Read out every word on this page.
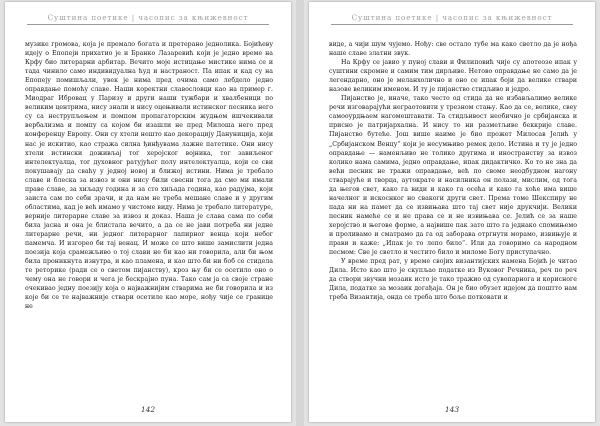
Суштина поетике | часопис за књижевност

музике громова, која је премало богата и претерано једнолика. Бојићеву идеју о Епопеји прихатио је и Бранко Лазаревић који је једно време на Крфу био литерарни арбитар. Вечито моје истицање мистике нима се и тада чинило само индивидуална ћуд и настраност. Па ипак и кад су на Епопеју помишљали, увек је нима пред очима само лебдело једно оправдање помоћу славе. Наши коректни славословци као на пример г. Миодраг Ибровац у Паризу и други наши тужбари и хвалбеници по великим центрима, нису знали и нису оцењивали истинског песника него су са неструпљењем и помпом пропагаторским жудњом ишчекивали вербализма и помпу са којом би изашли не пред Милоша него пред конференцу Европу. Они су хтели нешто као декорацију Дануниција, који нас је искитио, као стража силна ђинђувама лажне патетике. Они нису хтели истински доживљај тог херојског војника, тог завиљеног интелектуалца, тог духовног ратујућег полу интелектуалца, који се сви покушавају да сваћу у једној новој и ближој истини. Нима је требало славе и блеска за извоз и они нису били свесни тога да смо ми имали праве славе, за хиљаду година и за сто хиљада година, као радујма, који заиста сам по себи зрачи, и да нам не треба мешане славе и у другим областима, кад је већ имамо у чистоме виду. Нима је требало литературе, верније литерарне славе за извоз и доказ. Наша је слава сама по себи била јасна и она је блистала вечито, а да се не јави потреба ни једне литерарне речи, ни једног литерарног лапирног венца који небог памемча. И изгорео би тај венац. И може се што више замислити једна поезија која срамежљиво о тој слави не би као ни говорила, али би њом била проникнута изнутра, и као пламена, и као што би ни боб се стидела те реторике (ради се о светом пијанству), кроз њу би се осетило оно о чему она не говори и чега је бескрајно пуна. Тако сам ја са своје стране очекивао једну поезију која о најважнијим стварима не би говорила и из које би се те најважније ствари осетиле као море, нођу чије се границе не

142
Суштина поетике | часопис за књижевност

виде, а чији шум чујемо. Нођу: све остало тубе ма како светло да је нођа наше славе златни звук.

На Крфу се јавио у пуној слави и Филиповић чије су апотеозе ипак у суштини скромне и самим тим дирљиве. Нетово оправдање не само да је легендарно, оно је меланхолично и оно се ипак боји да велике ствари назове великим именом. И ту је пијанство стидљиво и једро.

Пијанство је, иначе, тако често од стида да не избављалимо велике речи изговарајући неграотовити у трезном стању. Као да се, велике, свеу самооурдњаем нагомештавати. Та стидљивост необично је србијанска и присно је патријархална. И нису то ни разметљиве беккрије славе. Пијанство бутеће. Још више наиме је био прожет Милосав Јелић у „Србијанском Венцу“ који је несумњиво ремек дело. Истина и ту је једно оправдање — наменљиво не толико другима и иностранству за извоз колико нама самима, једно оправдање, ипак дидактичко. Ко то не зна да већи песник не тражи оправдање, већ по своме неодбудном нагону стварајуће и творца, аутократе и насилника он полази, мислим, од тога да његов свет, како га види и како га осећа и како га хоће има више начелног и искоснког но свакоги други свет. Према томе Шекспиру не пада ни на памет да се извињава што тај свет није друкчији. Велики песник намеће се и не права се и не извињава се. Јелић се за наше херојство и његове форме, а највише пак зато што га једнако спомињемо и проливамо и сматрамо да га од заборава отргнути морамо, извињује и прави и каже: „Ипак је то лепо било“. Или да говоримо са народном песмом: Све је светло и честито било и миломе Богу приступачно.

У време пред рат, у време својих византијских намена Бојић је читао Дила. Исто као што је скупљао податке из Вуковог Речника, реч по реч да створи звучни мозаик исто је тако тражио од сувопарнога и корисноге Дила, податке за мозаик догађаја. Он је био обузет идејом да поштто нам треба Византија, онда се треба што боље потковати и

143
